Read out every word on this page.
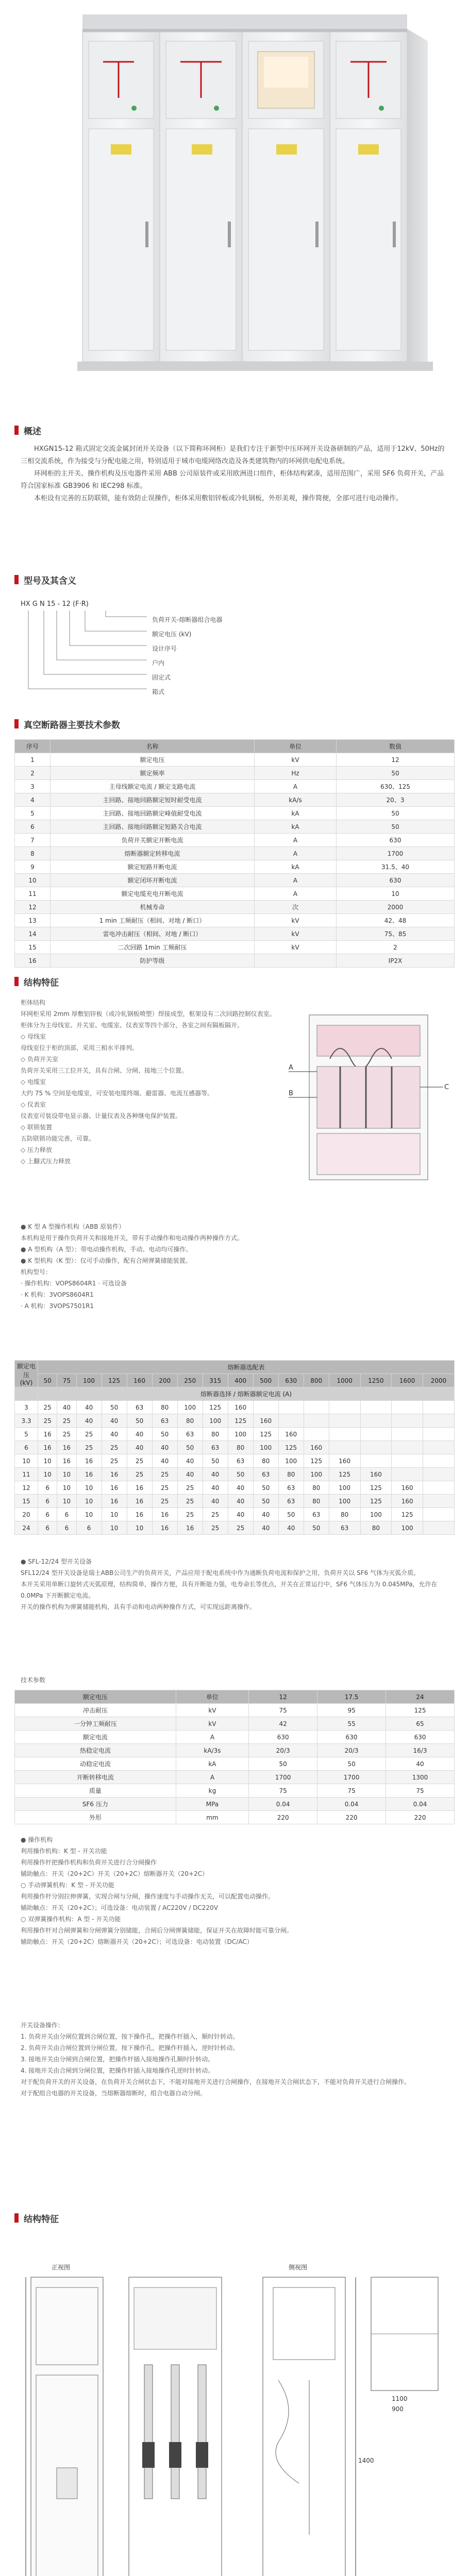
概述

HXGN15-12 箱式固定交流金属封闭开关设备（以下简称环网柜）是我们专注于新型中压环网开关设备研制的产品，适用于12kV、50Hz的三相交流系统，作为接受与分配电能之用，特别适用于城市电缆网络改造及各类建筑物内的环网供电配电系统。

环网柜的主开关、操作机构及压电器件采用 ABB 公司原装件或采用欧洲进口组件，柜体结构紧凑，适用范围广，采用 SF6 负荷开关，产品符合国家标准 GB3906 和 IEC298 标准。

本柜设有完善的五防联锁，能有效防止误操作，柜体采用敷铝锌板或冷轧钢板，外形美观，操作简便，全部可进行电动操作。

型号及其含义
HX G N 15 - 12 (F·R)
负荷开关-熔断器组合电器
额定电压 (kV)
设计序号
户内
固定式
箱式
真空断路器主要技术参数
序号	名称	单位	数值
1	额定电压	kV	12
2	额定频率	Hz	50
3	主母线额定电流 / 额定支路电流	A	630、125
4	主回路、接地回路额定短时耐受电流	kA/s	20、3
5	主回路、接地回路额定峰值耐受电流	kA	50
6	主回路、接地回路额定短路关合电流	kA	50
7	负荷开关额定开断电流	A	630
8	熔断器额定转移电流	A	1700
9	额定短路开断电流	kA	31.5、40
10	额定闭环开断电流	A	630
11	额定电缆充电开断电流	A	10
12	机械寿命	次	2000
13	1 min 工频耐压（相间、对地 / 断口）	kV	42、48
14	雷电冲击耐压（相间、对地 / 断口）	kV	75、85
15	二次回路 1min 工频耐压	kV	2
16	防护等级		IP2X
结构特征
柜体结构
环网柜采用 2mm 厚敷铝锌板（或冷轧钢板喷塑）焊接成型，框架设有二次回路控制仪表室。
柜体分为主母线室、开关室、电缆室、仪表室等四个部分，各室之间有隔板隔开。
◇ 母线室
母线室位于柜的顶部，采用三相水平排列。
◇ 负荷开关室
负荷开关采用三工位开关，具有合闸、分闸、接地三个位置。
◇ 电缆室
大约 75 % 空间是电缆室，可安装电缆终端、避雷器、电流互感器等。
◇ 仪表室
仪表室可装设带电显示器、计量仪表及各种继电保护装置。
◇ 联锁装置
五防联锁功能完善，可靠。
◇ 压力释放
◇ 上翻式压力释放
A
B
C
● K 型 A 型操作机构（ABB 原装件）
本机构是用于操作负荷开关和接地开关，带有手动操作和电动操作两种操作方式。
● A 型机构（A 型）：带电动操作机构，手动、电动均可操作。
● K 型机构（K 型）：仅可手动操作，配有合闸弹簧储能装置。
机构型号：
· 操作机构：VOPS8604R1 · 可选设备
· K 机构：3VOPS8604R1
· A 机构：3VOPS7501R1
额定电压 (kV)	熔断器选配表															
	50	75	100	125	160	200	250	315	400	500	630	800	1000	1250	1600	2000
	熔断器选择 / 熔断器额定电流 (A)															
3	25	40	40	50	63	80	100	125	160							
3.3	25	25	40	40	50	63	80	100	125	160						
5	16	25	25	40	40	50	63	80	100	125	160					
6	16	16	25	25	40	40	50	63	80	100	125	160				
10	10	16	16	25	25	40	40	50	63	80	100	125	160			
11	10	10	16	16	25	25	40	40	50	63	80	100	125	160		
12	6	10	10	16	16	25	25	40	40	50	63	80	100	125	160	
15	6	10	10	16	16	25	25	40	40	50	63	80	100	125	160	
20	6	6	10	10	16	16	25	25	40	40	50	63	80	100	125	
24	6	6	6	10	10	16	16	25	25	40	40	50	63	80	100	
● SFL-12/24 型开关设备
SFL12/24 型开关设备是瑞士ABB公司生产的负荷开关，产品应用于配电系统中作为通断负荷电流和保护之用，负荷开关以 SF6 气体为灭弧介质。
本开关采用单断口旋转式灭弧原理，结构简单，操作方便，具有开断能力强，电寿命长等优点，开关在正常运行中，SF6 气体压力为 0.045MPa，允许在 0.0MPa 下开断额定电流。
开关的操作机构为弹簧储能机构，具有手动和电动两种操作方式，可实现远距离操作。
技术参数
额定电压	单位	12	17.5	24
冲击耐压	kV	75	95	125
一分钟工频耐压	kV	42	55	65
额定电流	A	630	630	630
热稳定电流	kA/3s	20/3	20/3	16/3
动稳定电流	kA	50	50	40
开断转移电流	A	1700	1700	1300
质量	kg	75	75	75
SF6 压力	MPa	0.04	0.04	0.04
外形	mm	220	220	220
● 操作机构
利用操作机构：K 型 - 开关功能
利用操作杆把操作机构和负荷开关进行合分闸操作
辅助触点：开关（20+2C）开关（20+2C）熔断器开关（20+2C）
○ 手动弹簧机构：K 型 - 开关功能
利用操作杆分别拉伸弹簧，实现合闸与分闸，操作速度与手动操作无关，可以配置电动操作。
辅助触点：开关（20+2C）；可选设备：电动装置 / AC220V / DC220V
○ 双弹簧操作机构：A 型 - 开关功能
利用操作杆对合闸弹簧和分闸弹簧分别储能，合闸后分闸弹簧储能，保证开关在故障时能可靠分闸。
辅助触点：开关（20+2C）熔断器开关（20+2C）；可选设备：电动装置（DC/AC）
开关设备操作：
1. 负荷开关由分闸位置到合闸位置，按下操作孔，把操作杆插入，顺时针转动。
2. 负荷开关由合闸位置到分闸位置，按下操作孔，把操作杆插入，逆时针转动。
3. 接地开关由分闸到合闸位置，把操作杆插入接地操作孔顺时针转动。
4. 接地开关由合闸到分闸位置，把操作杆插入接地操作孔逆时针转动。
对于配负荷开关的开关设备，在负荷开关合闸状态下，不能对接地开关进行合闸操作，在接地开关合闸状态下，不能对负荷开关进行合闸操作。
对于配组合电器的开关设备，当熔断器熔断时，组合电器自动分闸。
结构特征
1400
1100
900
正视图	侧视图
